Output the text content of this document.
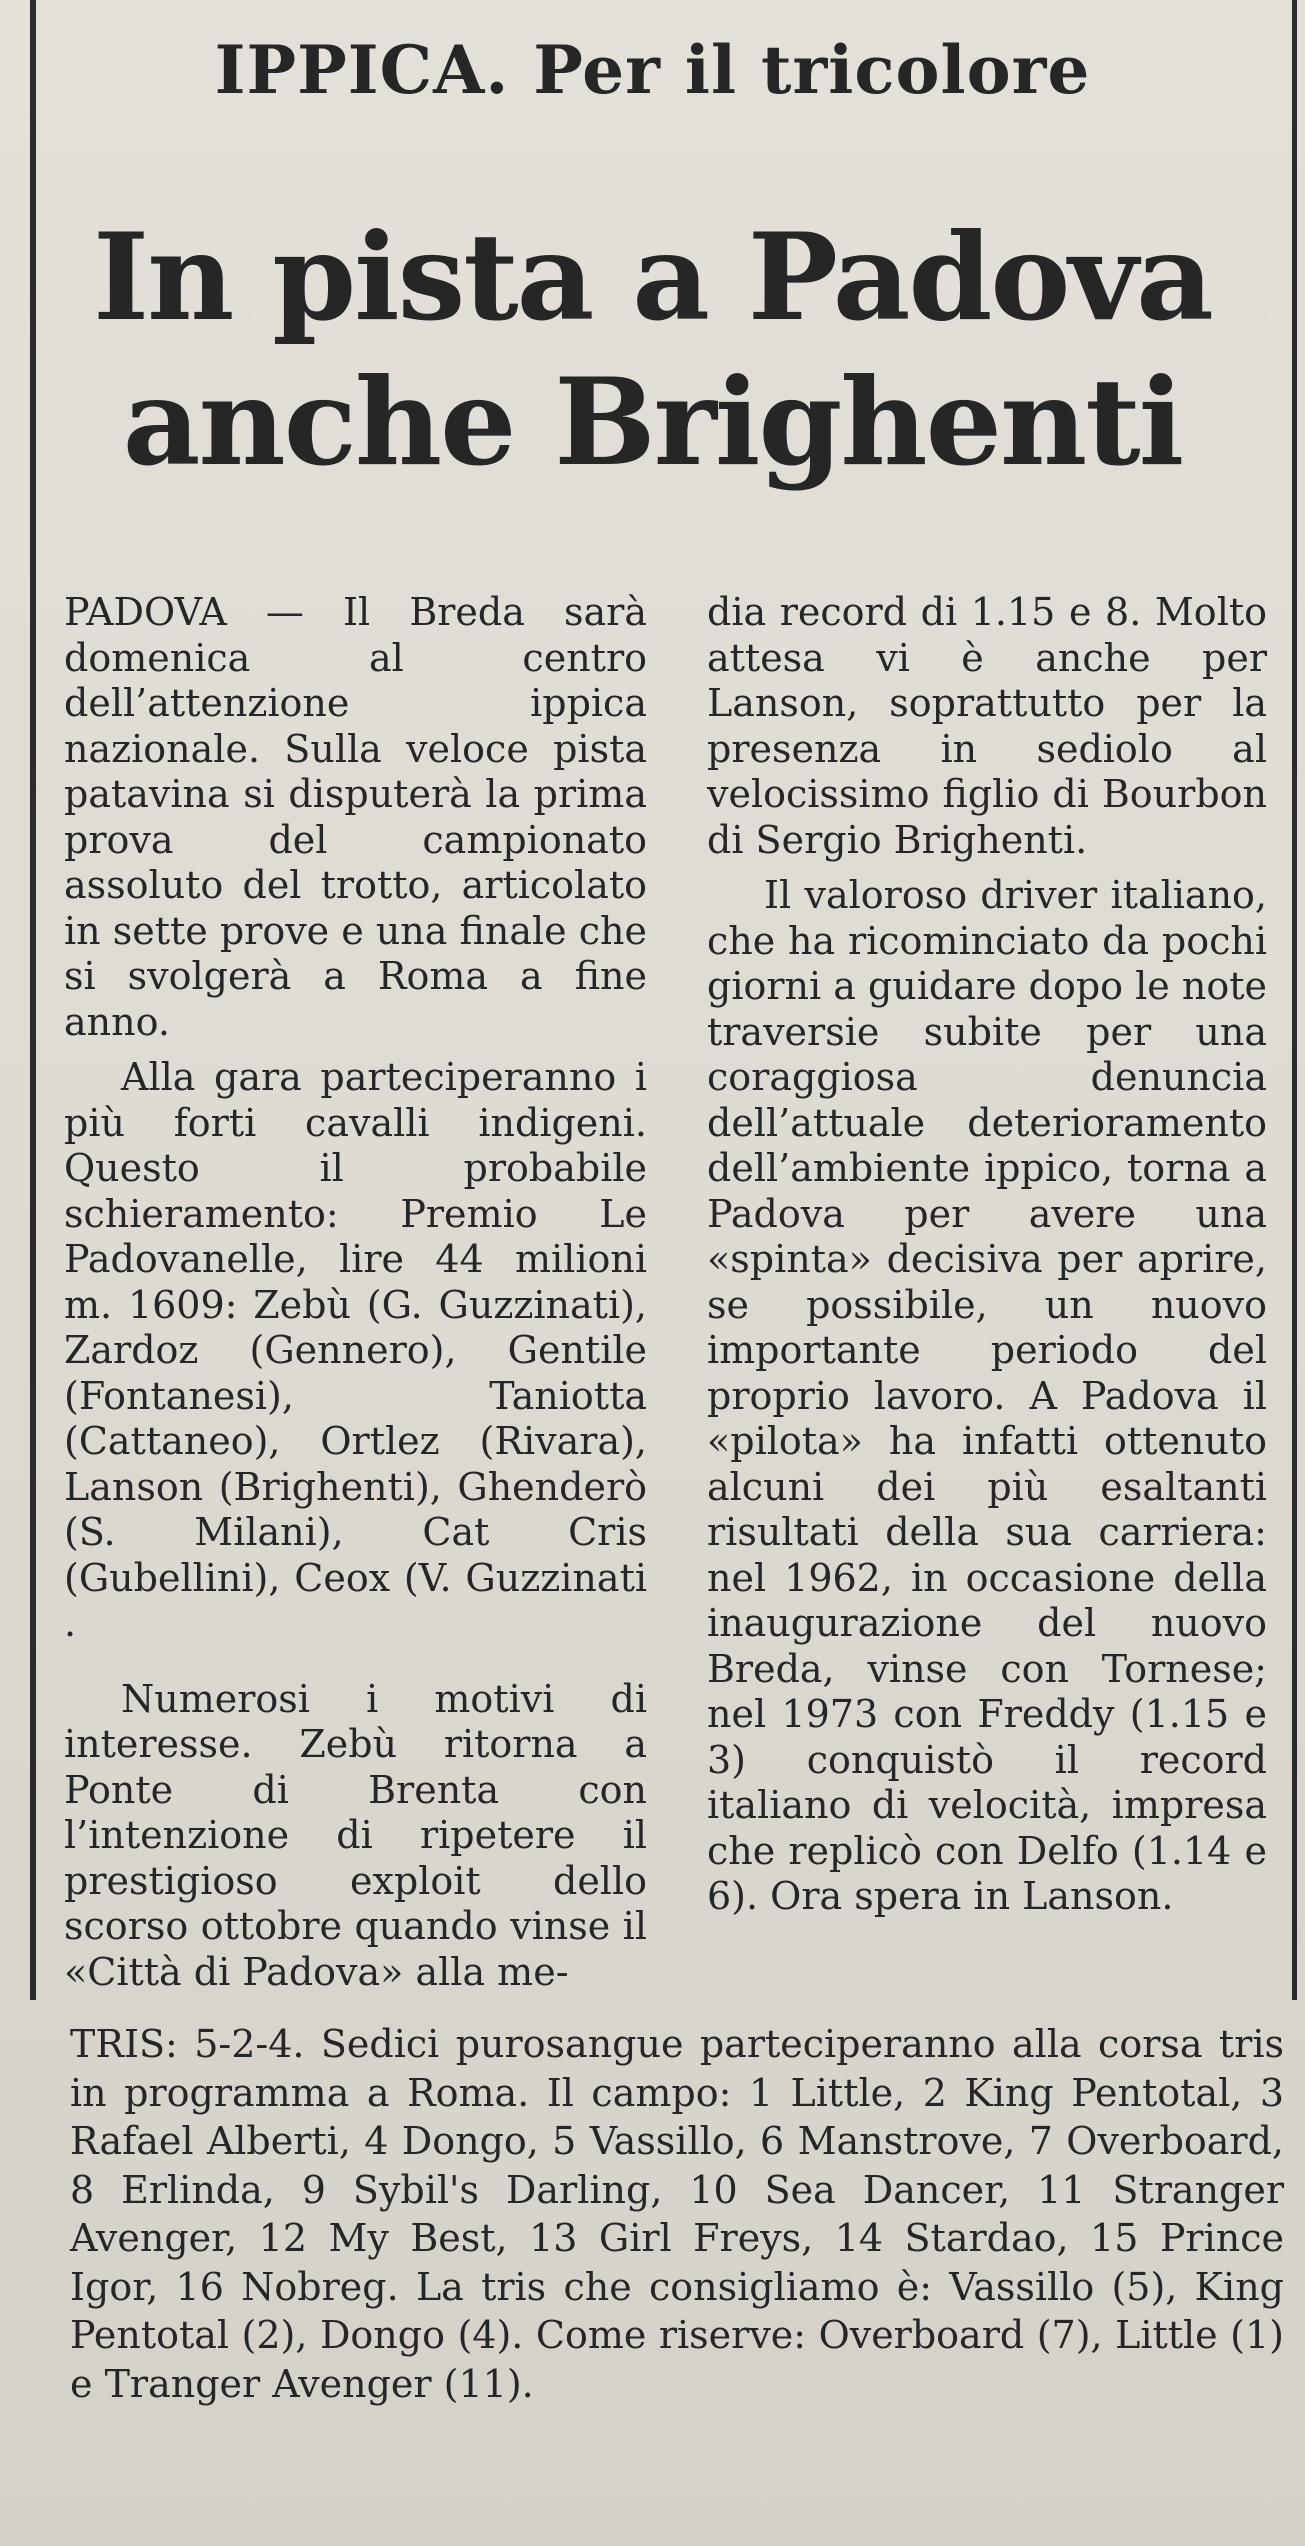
IPPICA. Per il tricolore
In pista a Padova
anche Brighenti

PADOVA — Il Breda sarà domenica al centro dell’attenzione ippica nazionale. Sulla veloce pista patavina si disputerà la prima prova del campionato assoluto del trotto, articolato in sette prove e una finale che si svolgerà a Roma a fine anno.

Alla gara parteciperanno i più forti cavalli indigeni. Questo il probabile schieramento: Premio Le Padovanelle, lire 44 milioni m. 1609: Zebù (G. Guzzinati), Zardoz (Gennero), Gentile (Fontanesi), Taniotta (Cattaneo), Ortlez (Rivara), Lanson (Brighenti), Ghenderò (S. Milani), Cat Cris (Gubellini), Ceox (V. Guzzinati .

Numerosi i motivi di interesse. Zebù ritorna a Ponte di Brenta con l’intenzione di ripetere il prestigioso exploit dello scorso ottobre quando vinse il «Città di Padova» alla me-

dia record di 1.15 e 8. Molto attesa vi è anche per Lanson, soprattutto per la presenza in sediolo al velocissimo figlio di Bourbon di Sergio Brighenti.

Il valoroso driver italiano, che ha ricominciato da pochi giorni a guidare dopo le note traversie subite per una coraggiosa denuncia dell’attuale deterioramento dell’ambiente ippico, torna a Padova per avere una «spinta» decisiva per aprire, se possibile, un nuovo importante periodo del proprio lavoro. A Padova il «pilota» ha infatti ottenuto alcuni dei più esaltanti risultati della sua carriera: nel 1962, in occasione della inaugurazione del nuovo Breda, vinse con Tornese; nel 1973 con Freddy (1.15 e 3) conquistò il record italiano di velocità, impresa che replicò con Delfo (1.14 e 6). Ora spera in Lanson.

TRIS: 5-2-4. Sedici purosangue parteciperanno alla corsa tris in programma a Roma. Il campo: 1 Little, 2 King Pentotal, 3 Rafael Alberti, 4 Dongo, 5 Vassillo, 6 Manstrove, 7 Overboard, 8 Erlinda, 9 Sybil's Darling, 10 Sea Dancer, 11 Stranger Avenger, 12 My Best, 13 Girl Freys, 14 Stardao, 15 Prince Igor, 16 Nobreg. La tris che consigliamo è: Vassillo (5), King Pentotal (2), Dongo (4). Come riserve: Overboard (7), Little (1) e Tranger Avenger (11).
